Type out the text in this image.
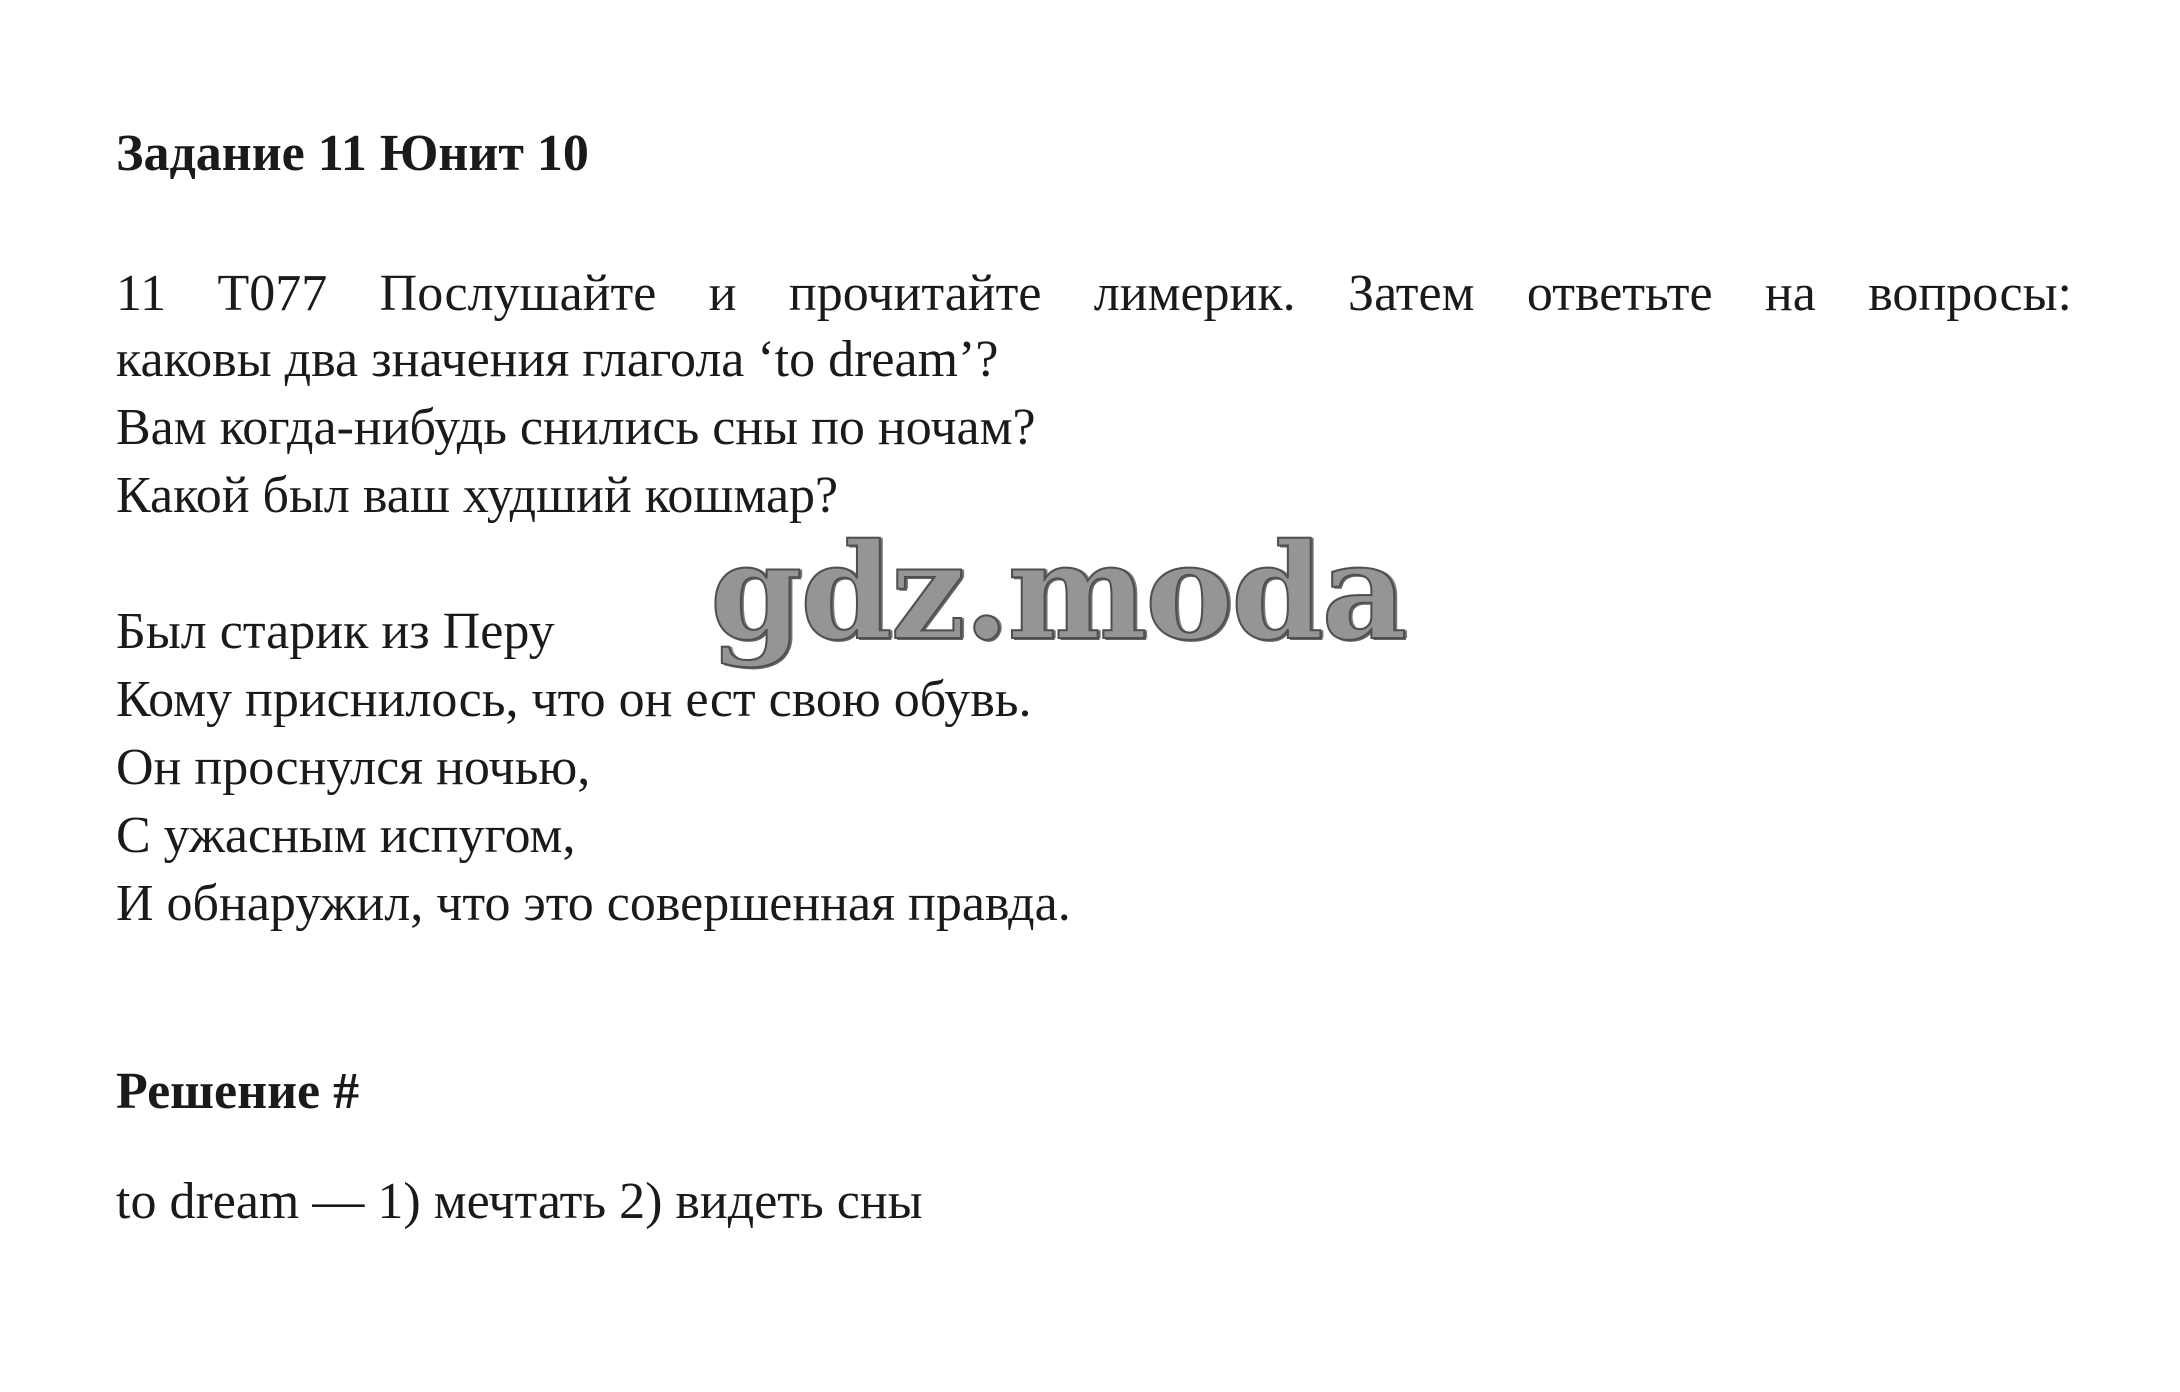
Задание 11 Юнит 10
11 T077 Послушайте и прочитайте лимерик. Затем ответьте на вопросы:
каковы два значения глагола ‘to dream’?
Вам когда-нибудь снились сны по ночам?
Какой был ваш худший кошмар?
Был старик из Перу
Кому приснилось, что он ест свою обувь.
Он проснулся ночью,
С ужасным испугом,
И обнаружил, что это совершенная правда.
Решение #
to dream — 1) мечтать 2) видеть сны
gdz.moda
